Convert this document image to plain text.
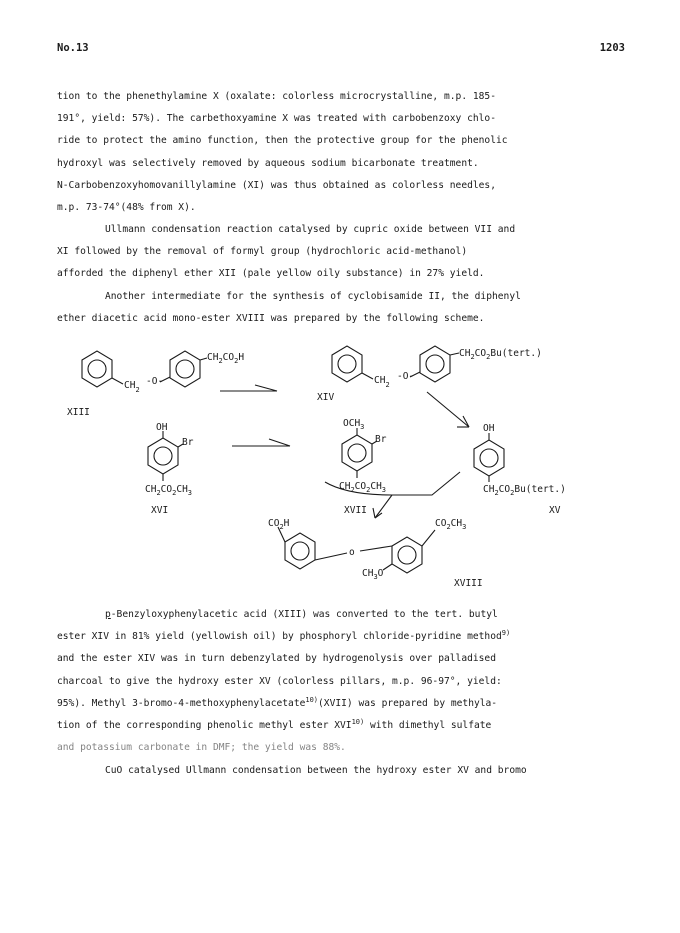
No.13	1203
tion to the phenethylamine X (oxalate: colorless microcrystalline, m.p. 185-
191°, yield: 57%). The carbethoxyamine X was treated with carbobenzoxy chlo-
ride to protect the amino function, then the protective group for the phenolic
hydroxyl was selectively removed by aqueous sodium bicarbonate treatment.
N-Carbobenzoxyhomovanillylamine (XI) was thus obtained as colorless needles,
m.p. 73-74°(48% from X).
Ullmann condensation reaction catalysed by cupric oxide between VII and
XI followed by the removal of formyl group (hydrochloric acid-methanol)
afforded the diphenyl ether XII (pale yellow oily substance) in 27% yield.
Another intermediate for the synthesis of cyclobisamide II, the diphenyl
ether diacetic acid mono-ester XVIII was prepared by the following scheme.
$CH_2$
-O-
$CH_2CO_2H$
XIII
$CH_2$
-O-
$CH_2CO_2Bu(tert.)$
XIV
OH
Br
$CH_2CO_2CH_3$
XVI
$OCH_3$
Br
$CH_2CO_2CH_3$
XVII
OH
$CH_2CO_2Bu(tert.)$
XV
$CO_2H$
o
$CO_2CH_3$
$CH_3O$
XVIII
p-Benzyloxyphenylacetic acid (XIII) was converted to the tert. butyl
ester XIV in 81% yield (yellowish oil) by phosphoryl chloride-pyridine method$^{9)}$
and the ester XIV was in turn debenzylated by hydrogenolysis over palladised
charcoal to give the hydroxy ester XV (colorless pillars, m.p. 96-97°, yield:
95%). Methyl 3-bromo-4-methoxyphenylacetate$^{10)}$(XVII) was prepared by methyla-
tion of the corresponding phenolic methyl ester XVI$^{10)}$ with dimethyl sulfate
and potassium carbonate in DMF; the yield was 88%.
CuO catalysed Ullmann condensation between the hydroxy ester XV and bromo
